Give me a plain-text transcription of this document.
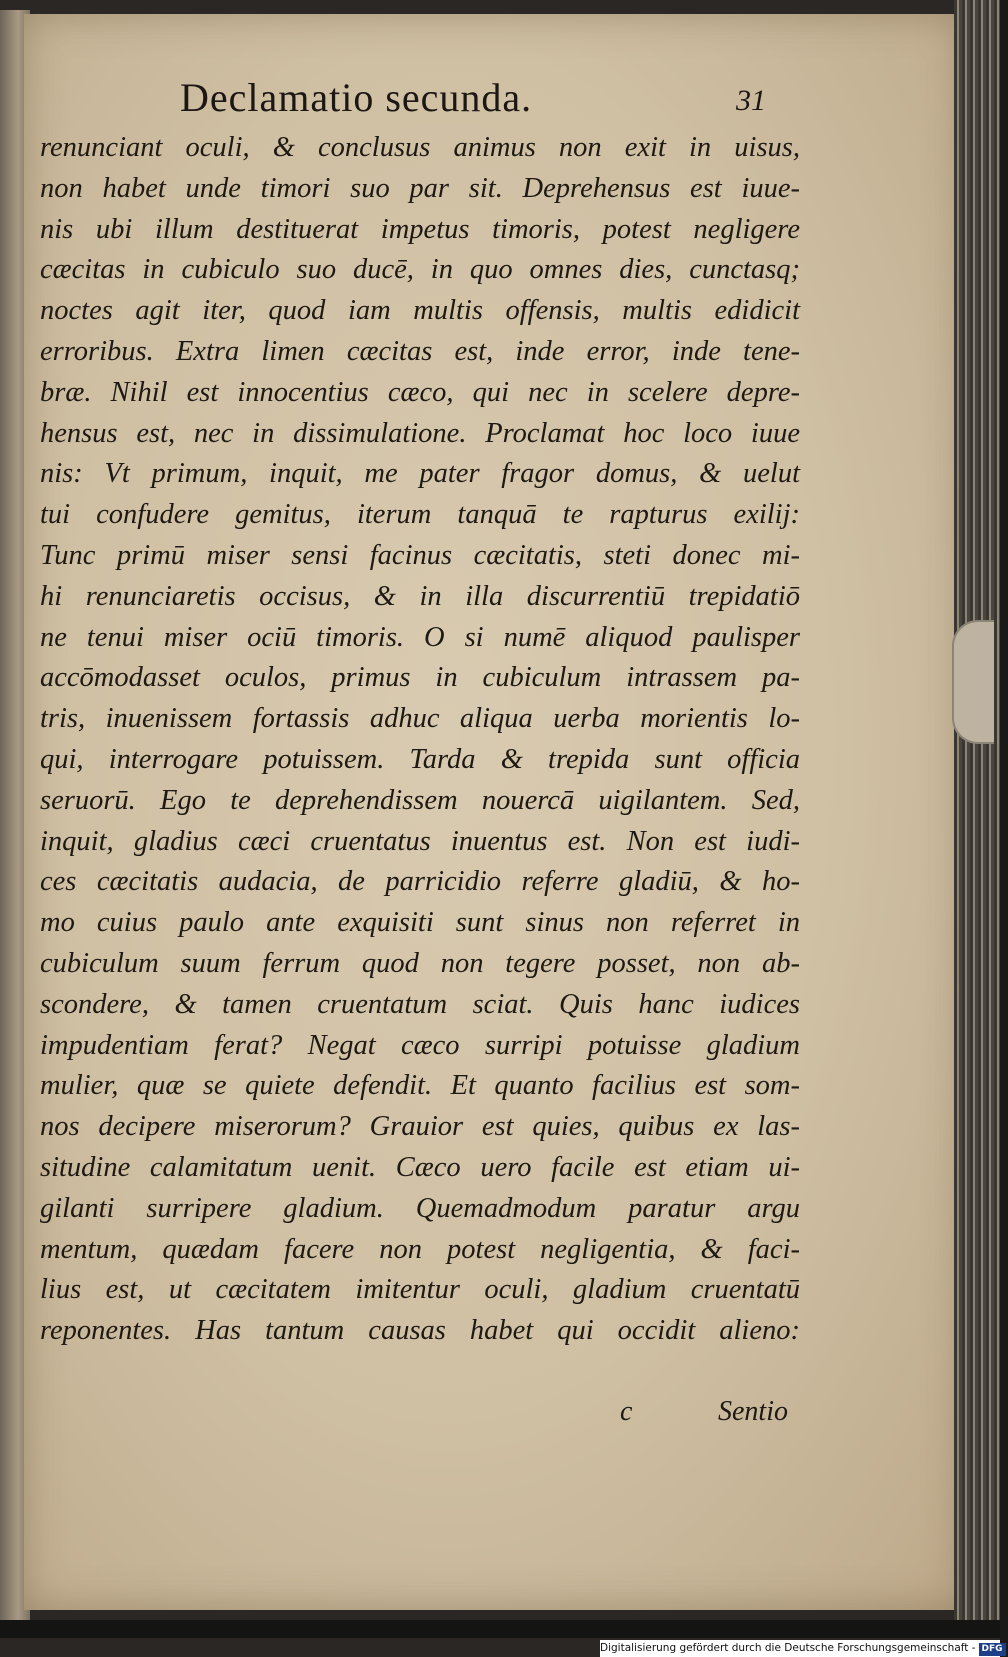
Declamatio secunda.	31
renunciant oculi, & conclusus animus non exit in uisus,
non habet unde timori suo par sit. Deprehensus est iuue-
nis ubi illum destituerat impetus timoris, potest negligere
cæcitas in cubiculo suo ducē, in quo omnes dies, cunctasq;
noctes agit iter, quod iam multis offensis, multis edidicit
erroribus. Extra limen cæcitas est, inde error, inde tene-
bræ. Nihil est innocentius cæco, qui nec in scelere depre-
hensus est, nec in dissimulatione. Proclamat hoc loco iuue
nis: Vt primum, inquit, me pater fragor domus, & uelut
tui confudere gemitus, iterum tanquā te rapturus exilij:
Tunc primū miser sensi facinus cæcitatis, steti donec mi-
hi renunciaretis occisus, & in illa discurrentiū trepidatiō
ne tenui miser ociū timoris. O si numē aliquod paulisper
accōmodasset oculos, primus in cubiculum intrassem pa-
tris, inuenissem fortassis adhuc aliqua uerba morientis lo-
qui, interrogare potuissem. Tarda & trepida sunt officia
seruorū. Ego te deprehendissem nouercā uigilantem. Sed,
inquit, gladius cæci cruentatus inuentus est. Non est iudi-
ces cæcitatis audacia, de parricidio referre gladiū, & ho-
mo cuius paulo ante exquisiti sunt sinus non referret in
cubiculum suum ferrum quod non tegere posset, non ab-
scondere, & tamen cruentatum sciat. Quis hanc iudices
impudentiam ferat? Negat cæco surripi potuisse gladium
mulier, quæ se quiete defendit. Et quanto facilius est som-
nos decipere miserorum? Grauior est quies, quibus ex las-
situdine calamitatum uenit. Cæco uero facile est etiam ui-
gilanti surripere gladium. Quemadmodum paratur argu
mentum, quædam facere non potest negligentia, & faci-
lius est, ut cæcitatem imitentur oculi, gladium cruentatū
reponentes. Has tantum causas habet qui occidit alieno:
c	Sentio
Digitalisierung gefördert durch die Deutsche Forschungsgemeinschaft - DFG
